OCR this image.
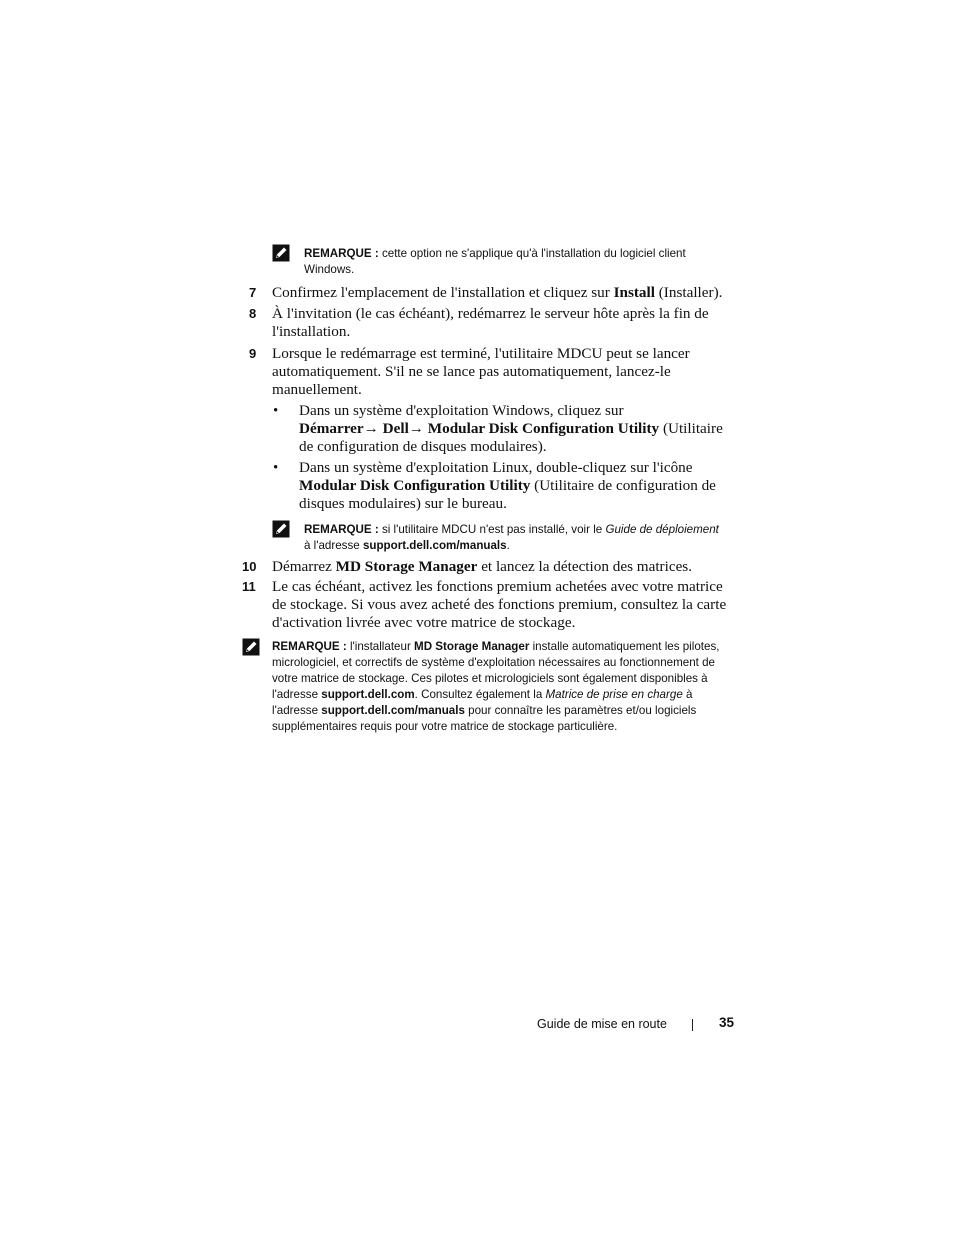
REMARQUE : cette option ne s'applique qu'à l'installation du logiciel client Windows.
7 Confirmez l'emplacement de l'installation et cliquez sur Install (Installer).
8 À l'invitation (le cas échéant), redémarrez le serveur hôte après la fin de l'installation.
9 Lorsque le redémarrage est terminé, l'utilitaire MDCU peut se lancer automatiquement. S'il ne se lance pas automatiquement, lancez-le manuellement.
• Dans un système d'exploitation Windows, cliquez sur
Démarrer→ Dell→ Modular Disk Configuration Utility (Utilitaire de configuration de disques modulaires).
• Dans un système d'exploitation Linux, double-cliquez sur l'icône
Modular Disk Configuration Utility (Utilitaire de configuration de disques modulaires) sur le bureau.
REMARQUE : si l'utilitaire MDCU n'est pas installé, voir le Guide de déploiement à l'adresse support.dell.com/manuals.
10 Démarrez MD Storage Manager et lancez la détection des matrices.
11 Le cas échéant, activez les fonctions premium achetées avec votre matrice de stockage. Si vous avez acheté des fonctions premium, consultez la carte d'activation livrée avec votre matrice de stockage.
REMARQUE : l'installateur MD Storage Manager installe automatiquement les pilotes, micrologiciel, et correctifs de système d'exploitation nécessaires au fonctionnement de votre matrice de stockage. Ces pilotes et micrologiciels sont également disponibles à l'adresse support.dell.com. Consultez également la Matrice de prise en charge à l'adresse support.dell.com/manuals pour connaître les paramètres et/ou logiciels supplémentaires requis pour votre matrice de stockage particulière.
Guide de mise en route	35
